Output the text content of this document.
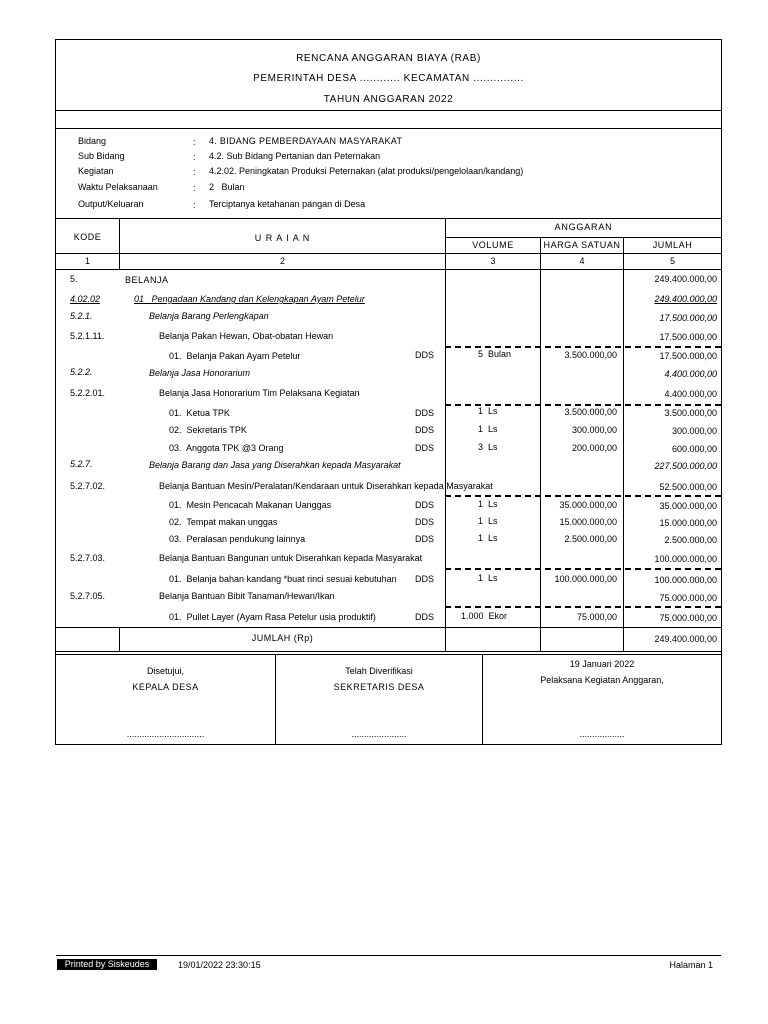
RENCANA ANGGARAN BIAYA (RAB)
PEMERINTAH DESA ............ KECAMATAN ...............
TAHUN ANGGARAN 2022
Bidang	: 4. BIDANG PEMBERDAYAAN MASYARAKAT
Sub Bidang	: 4.2. Sub Bidang Pertanian dan Peternakan
Kegiatan	: 4.2.02. Peningkatan Produksi Peternakan (alat produksi/pengelolaan/kandang)
Waktu Pelaksanaan	: 2   Bulan
Output/Keluaran	: Terciptanya ketahanan pangan di Desa
KODE	U R A I A N
ANGGARAN
VOLUME	HARGA SATUAN	JUMLAH
1	2	3	4	5
5.	BELANJA	249.400.000,00
4.02.02	01   Pengadaan Kandang dan Kelengkapan Ayam Petelur	249.400.000,00
5.2.1.	Belanja Barang Perlengkapan	17.500.000,00
5.2.1.11.	Belanja Pakan Hewan, Obat-obatan Hewan	17.500.000,00
01.  Belanja Pakan Ayam Petelur	DDS	5  Bulan	3.500.000,00	17.500.000,00
5.2.2.	Belanja Jasa Honorarium	4.400.000,00
5.2.2.01.	Belanja Jasa Honorarium Tim Pelaksana Kegiatan	4.400.000,00
01.  Ketua TPK	DDS	1  Ls	3.500.000,00	3.500.000,00
02.  Sekretaris TPK	DDS	1  Ls	300.000,00	300.000,00
03.  Anggota TPK @3 Orang	DDS	3  Ls	200.000,00	600.000,00
5.2.7.	Belanja Barang dan Jasa yang Diserahkan kepada Masyarakat	227.500.000,00
5.2.7.02.	Belanja Bantuan Mesin/Peralatan/Kendaraan untuk Diserahkan kepada Masyarakat	52.500.000,00
01.  Mesin Pencacah Makanan Uanggas	DDS	1  Ls	35.000.000,00	35.000.000,00
02.  Tempat makan unggas	DDS	1  Ls	15.000.000,00	15.000.000,00
03.  Peralasan pendukung lainnya	DDS	1  Ls	2.500.000,00	2.500.000,00
5.2.7.03.	Belanja Bantuan Bangunan untuk Diserahkan kepada Masyarakat	100.000.000,00
01.  Belanja bahan kandang *buat rinci sesuai kebutuhan DDS	1  Ls	100.000.000,00	100.000.000,00
5.2.7.05.	Belanja Bantuan Bibit Tanaman/Hewan/Ikan	75.000.000,00
01.  Pullet Layer (Ayam Rasa Petelur usia produktif)	DDS	1.000  Ekor	75.000,00	75.000.000,00
JUMLAH (Rp)	249.400.000,00
Disetujui,
KEPALA DESA
...............................
Telah Diverifikasi
SEKRETARIS DESA
......................
19 Januari 2022
Pelaksana Kegiatan Anggaran,
..................
Printed by Siskeudes	19/01/2022 23:30:15	Halaman 1
